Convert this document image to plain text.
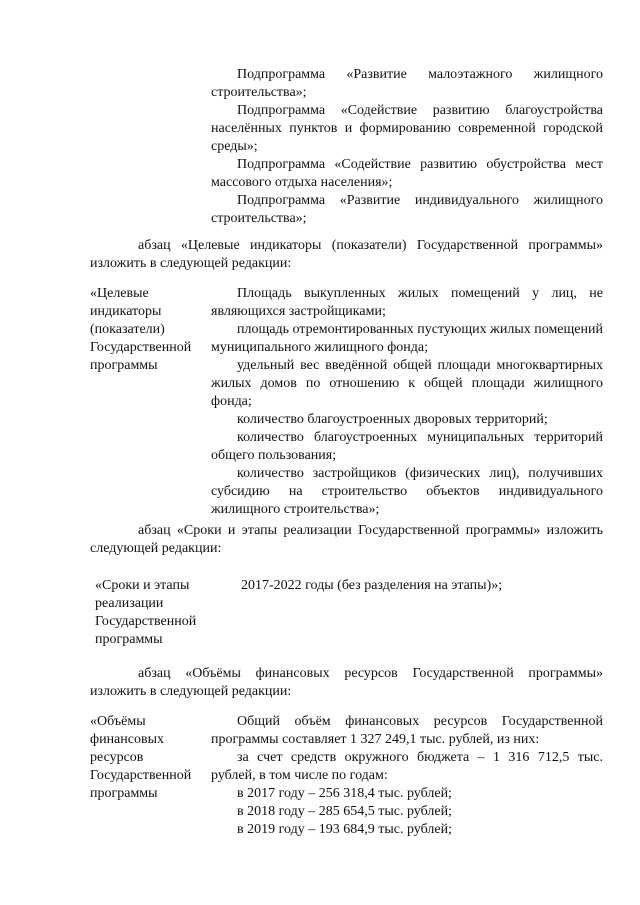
Подпрограмма «Развитие малоэтажного жилищного строительства»;

Подпрограмма «Содействие развитию благоустройства населённых пунктов и формированию современной городской среды»;

Подпрограмма «Содействие развитию обустройства мест массового отдыха населения»;

Подпрограмма «Развитие индивидуального жилищного строительства»;

абзац «Целевые индикаторы (показатели) Государственной программы» изложить в следующей редакции:

«Целевые индикаторы (показатели) Государственной программы

Площадь выкупленных жилых помещений у лиц, не являющихся застройщиками;

площадь отремонтированных пустующих жилых помещений муниципального жилищного фонда;

удельный вес введённой общей площади многоквартирных жилых домов по отношению к общей площади жилищного фонда;

количество благоустроенных дворовых территорий;

количество благоустроенных муниципальных территорий общего пользования;

количество застройщиков (физических лиц), получивших субсидию на строительство объектов индивидуального жилищного строительства»;

абзац «Сроки и этапы реализации Государственной программы» изложить следующей редакции:

«Сроки и этапы реализации Государственной программы

2017-2022 годы (без разделения на этапы)»;

абзац «Объёмы финансовых ресурсов Государственной программы» изложить в следующей редакции:

«Объёмы финансовых ресурсов Государственной программы

Общий объём финансовых ресурсов Государственной программы составляет 1 327 249,1 тыс. рублей, из них:

за счет средств окружного бюджета – 1 316 712,5 тыс. рублей, в том числе по годам:

в 2017 году – 256 318,4 тыс. рублей;

в 2018 году – 285 654,5 тыс. рублей;

в 2019 году – 193 684,9 тыс. рублей;
